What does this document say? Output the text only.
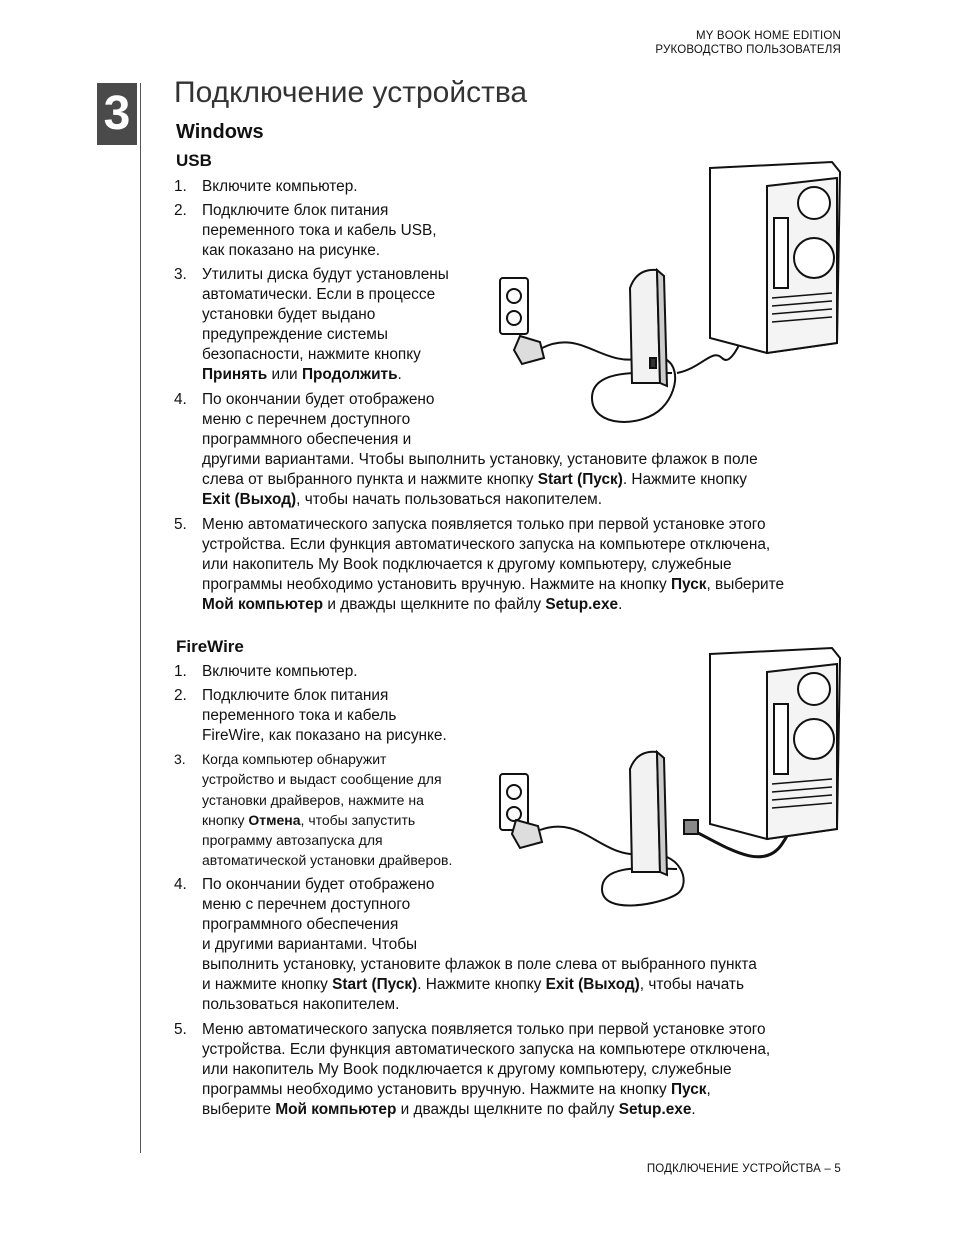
MY BOOK HOME EDITION
РУКОВОДСТВО ПОЛЬЗОВАТЕЛЯ
3 Подключение устройства
Windows
USB
1. Включите компьютер.
2. Подключите блок питания
переменного тока и кабель USB,
как показано на рисунке.
3. Утилиты диска будут установлены
автоматически. Если в процессе
установки будет выдано
предупреждение системы
безопасности, нажмите кнопку
Принять или Продолжить.
4. По окончании будет отображено
меню с перечнем доступного
программного обеспечения и
другими вариантами. Чтобы выполнить установку, установите флажок в поле
слева от выбранного пункта и нажмите кнопку Start (Пуск). Нажмите кнопку
Exit (Выход), чтобы начать пользоваться накопителем.
5. Меню автоматического запуска появляется только при первой установке этого
устройства. Если функция автоматического запуска на компьютере отключена,
или накопитель My Book подключается к другому компьютеру, служебные
программы необходимо установить вручную. Нажмите на кнопку Пуск, выберите
Мой компьютер и дважды щелкните по файлу Setup.exe.
FireWire
1. Включите компьютер.
2. Подключите блок питания
переменного тока и кабель
FireWire, как показано на рисунке.
3. Когда компьютер обнаружит
устройство и выдаст сообщение для
установки драйверов, нажмите на
кнопку Отмена, чтобы запустить
программу автозапуска для
автоматической установки драйверов.
4. По окончании будет отображено
меню с перечнем доступного
программного обеспечения
и другими вариантами. Чтобы
выполнить установку, установите флажок в поле слева от выбранного пункта
и нажмите кнопку Start (Пуск). Нажмите кнопку Exit (Выход), чтобы начать
пользоваться накопителем.
5. Меню автоматического запуска появляется только при первой установке этого
устройства. Если функция автоматического запуска на компьютере отключена,
или накопитель My Book подключается к другому компьютеру, служебные
программы необходимо установить вручную. Нажмите на кнопку Пуск,
выберите Мой компьютер и дважды щелкните по файлу Setup.exe.
ПОДКЛЮЧЕНИЕ УСТРОЙСТВА – 5
